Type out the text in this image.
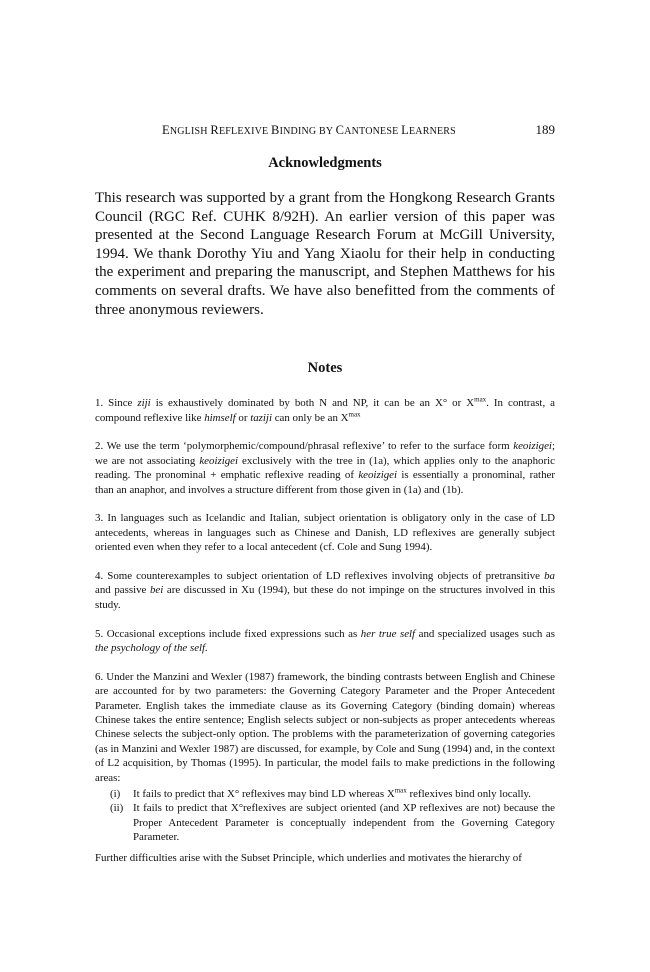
ENGLISH REFLEXIVE BINDING BY CANTONESE LEARNERS	189
Acknowledgments

This research was supported by a grant from the Hongkong Research Grants Council (RGC Ref. CUHK 8/92H). An earlier version of this paper was presented at the Second Language Research Forum at McGill University, 1994. We thank Dorothy Yiu and Yang Xiaolu for their help in conducting the experiment and preparing the manuscript, and Stephen Matthews for his comments on several drafts. We have also benefitted from the comments of three anonymous reviewers.

Notes

1. Since ziji is exhaustively dominated by both N and NP, it can be an X° or $X^{max}$. In contrast, a compound reflexive like himself or taziji can only be an $X^{max}$

2. We use the term ‘polymorphemic/compound/phrasal reflexive’ to refer to the surface form keoizigei; we are not associating keoizigei exclusively with the tree in (1a), which applies only to the anaphoric reading. The pronominal + emphatic reflexive reading of keoizigei is essentially a pronominal, rather than an anaphor, and involves a structure different from those given in (1a) and (1b).

3. In languages such as Icelandic and Italian, subject orientation is obligatory only in the case of LD antecedents, whereas in languages such as Chinese and Danish, LD reflexives are generally subject oriented even when they refer to a local antecedent (cf. Cole and Sung 1994).

4. Some counterexamples to subject orientation of LD reflexives involving objects of pretransitive ba and passive bei are discussed in Xu (1994), but these do not impinge on the structures involved in this study.

5. Occasional exceptions include fixed expressions such as her true self and specialized usages such as the psychology of the self.

6. Under the Manzini and Wexler (1987) framework, the binding contrasts between English and Chinese are accounted for by two parameters: the Governing Category Parameter and the Proper Antecedent Parameter. English takes the immediate clause as its Governing Category (binding domain) whereas Chinese takes the entire sentence; English selects subject or non-subjects as proper antecedents whereas Chinese selects the subject-only option. The problems with the parameterization of governing categories (as in Manzini and Wexler 1987) are discussed, for example, by Cole and Sung (1994) and, in the context of L2 acquisition, by Thomas (1995). In particular, the model fails to make predictions in the following areas:

(i) It fails to predict that X° reflexives may bind LD whereas $X^{max}$ reflexives bind only locally.

(ii) It fails to predict that X°reflexives are subject oriented (and XP reflexives are not) because the Proper Antecedent Parameter is conceptually independent from the Governing Category Parameter.

Further difficulties arise with the Subset Principle, which underlies and motivates the hierarchy of
